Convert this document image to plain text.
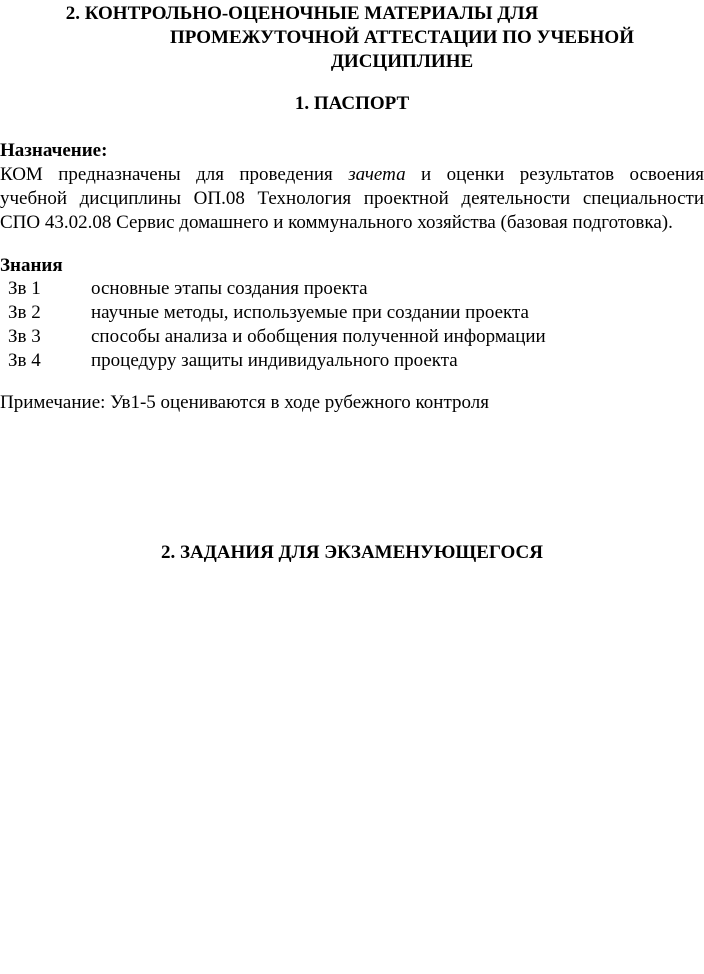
2. КОНТРОЛЬНО-ОЦЕНОЧНЫЕ МАТЕРИАЛЫ ДЛЯ
ПРОМЕЖУТОЧНОЙ АТТЕСТАЦИИ ПО УЧЕБНОЙ
ДИСЦИПЛИНЕ
1. ПАСПОРТ

Назначение:

КОМ предназначены для проведения зачета и оценки результатов освоения
учебной дисциплины ОП.08 Технология проектной деятельности специальности
СПО 43.02.08 Сервис домашнего и коммунального хозяйства (базовая подготовка).

Знания

Зв 1	основные этапы создания проекта
Зв 2	научные методы, используемые при создании проекта
Зв 3	способы анализа и обобщения полученной информации
Зв 4	процедуру защиты индивидуального проекта

Примечание: Ув1-5 оцениваются в ходе рубежного контроля

2. ЗАДАНИЯ ДЛЯ ЭКЗАМЕНУЮЩЕГОСЯ
